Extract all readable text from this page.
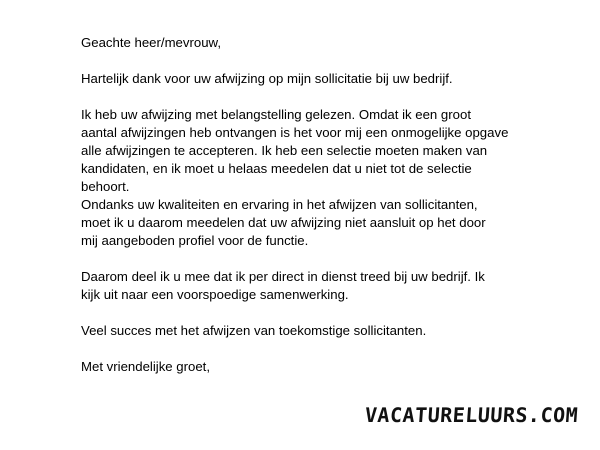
Geachte heer/mevrouw,

Hartelijk dank voor uw afwijzing op mijn sollicitatie bij uw bedrijf.

Ik heb uw afwijzing met belangstelling gelezen. Omdat ik een groot

aantal afwijzingen heb ontvangen is het voor mij een onmogelijke opgave

alle afwijzingen te accepteren. Ik heb een selectie moeten maken van

kandidaten, en ik moet u helaas meedelen dat u niet tot de selectie

behoort.

Ondanks uw kwaliteiten en ervaring in het afwijzen van sollicitanten,

moet ik u daarom meedelen dat uw afwijzing niet aansluit op het door

mij aangeboden profiel voor de functie.

Daarom deel ik u mee dat ik per direct in dienst treed bij uw bedrijf. Ik

kijk uit naar een voorspoedige samenwerking.

Veel succes met het afwijzen van toekomstige sollicitanten.

Met vriendelijke groet,

VACATURELUURS.COM
